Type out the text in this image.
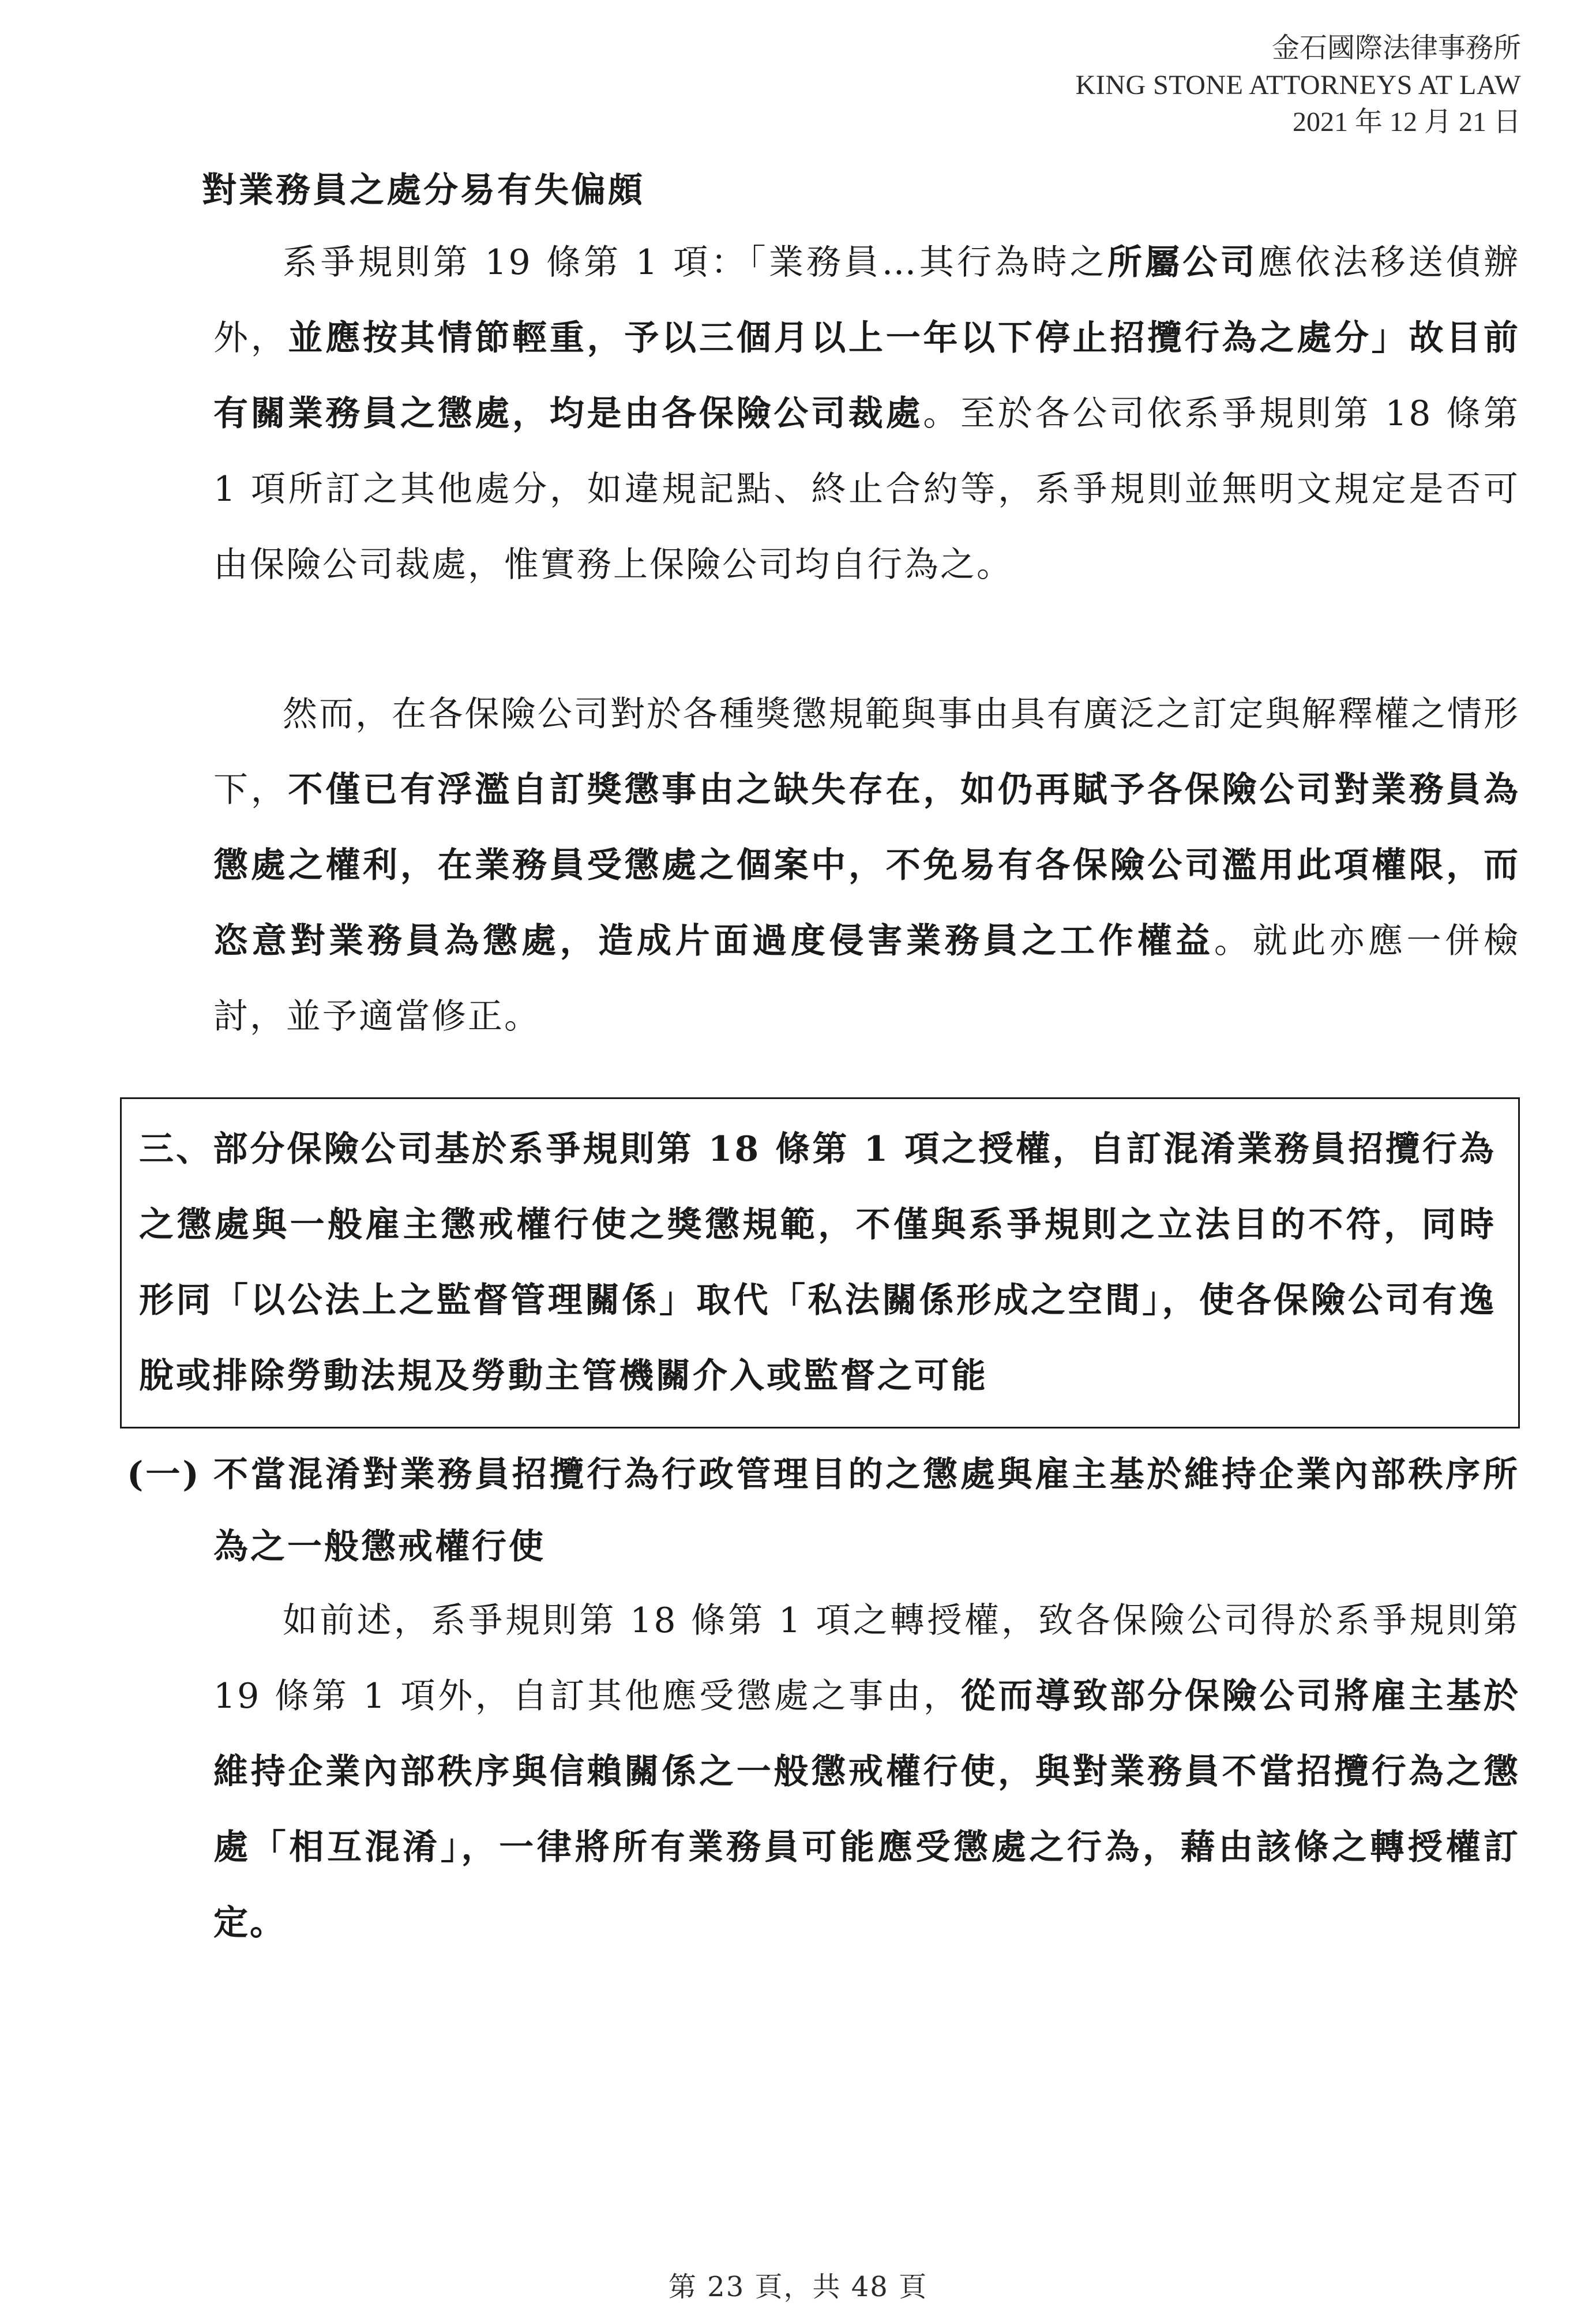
金石國際法律事務所
KING STONE ATTORNEYS AT LAW
2021 年 12 月 21 日
對業務員之處分易有失偏頗

系爭規則第 19 條第 1 項：「業務員…其行為時之所屬公司應依法移送偵辦外，並應按其情節輕重，予以三個月以上一年以下停止招攬行為之處分」故目前有關業務員之懲處，均是由各保險公司裁處。至於各公司依系爭規則第 18 條第 1 項所訂之其他處分，如違規記點、終止合約等，系爭規則並無明文規定是否可由保險公司裁處，惟實務上保險公司均自行為之。

然而，在各保險公司對於各種獎懲規範與事由具有廣泛之訂定與解釋權之情形下，不僅已有浮濫自訂獎懲事由之缺失存在，如仍再賦予各保險公司對業務員為懲處之權利，在業務員受懲處之個案中，不免易有各保險公司濫用此項權限，而恣意對業務員為懲處，造成片面過度侵害業務員之工作權益。就此亦應一併檢討，並予適當修正。

三、部分保險公司基於系爭規則第 18 條第 1 項之授權，自訂混淆業務員招攬行為之懲處與一般雇主懲戒權行使之獎懲規範，不僅與系爭規則之立法目的不符，同時形同「以公法上之監督管理關係」取代「私法關係形成之空間」，使各保險公司有逸脫或排除勞動法規及勞動主管機關介入或監督之可能
(一) 不當混淆對業務員招攬行為行政管理目的之懲處與雇主基於維持企業內部秩序所為之一般懲戒權行使

如前述，系爭規則第 18 條第 1 項之轉授權，致各保險公司得於系爭規則第 19 條第 1 項外，自訂其他應受懲處之事由，從而導致部分保險公司將雇主基於維持企業內部秩序與信賴關係之一般懲戒權行使，與對業務員不當招攬行為之懲處「相互混淆」，一律將所有業務員可能應受懲處之行為，藉由該條之轉授權訂定。

第 23 頁，共 48 頁
